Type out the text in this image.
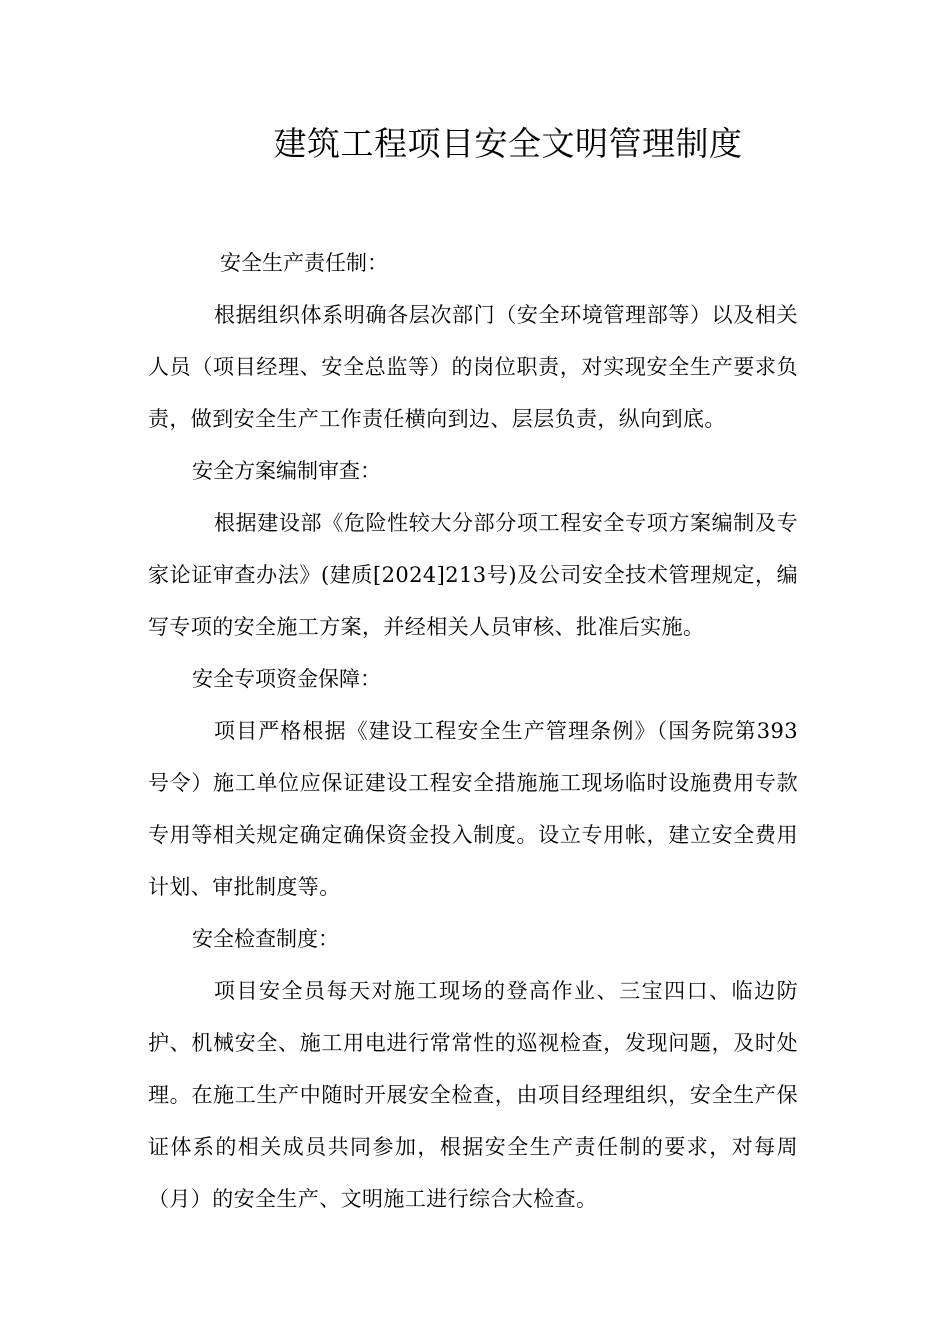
建筑工程项目安全文明管理制度

安全生产责任制：

根据组织体系明确各层次部门（安全环境管理部等）以及相关人员（项目经理、安全总监等）的岗位职责，对实现安全生产要求负责，做到安全生产工作责任横向到边、层层负责，纵向到底。

安全方案编制审查：

根据建设部《危险性较大分部分项工程安全专项方案编制及专家论证审查办法》(建质[2024]213号)及公司安全技术管理规定，编写专项的安全施工方案，并经相关人员审核、批准后实施。

安全专项资金保障：

项目严格根据《建设工程安全生产管理条例》（国务院第393号令）施工单位应保证建设工程安全措施施工现场临时设施费用专款专用等相关规定确定确保资金投入制度。设立专用帐，建立安全费用计划、审批制度等。

安全检查制度：

项目安全员每天对施工现场的登高作业、三宝四口、临边防护、机械安全、施工用电进行常常性的巡视检查，发现问题，及时处理。在施工生产中随时开展安全检查，由项目经理组织，安全生产保证体系的相关成员共同参加，根据安全生产责任制的要求，对每周（月）的安全生产、文明施工进行综合大检查。
